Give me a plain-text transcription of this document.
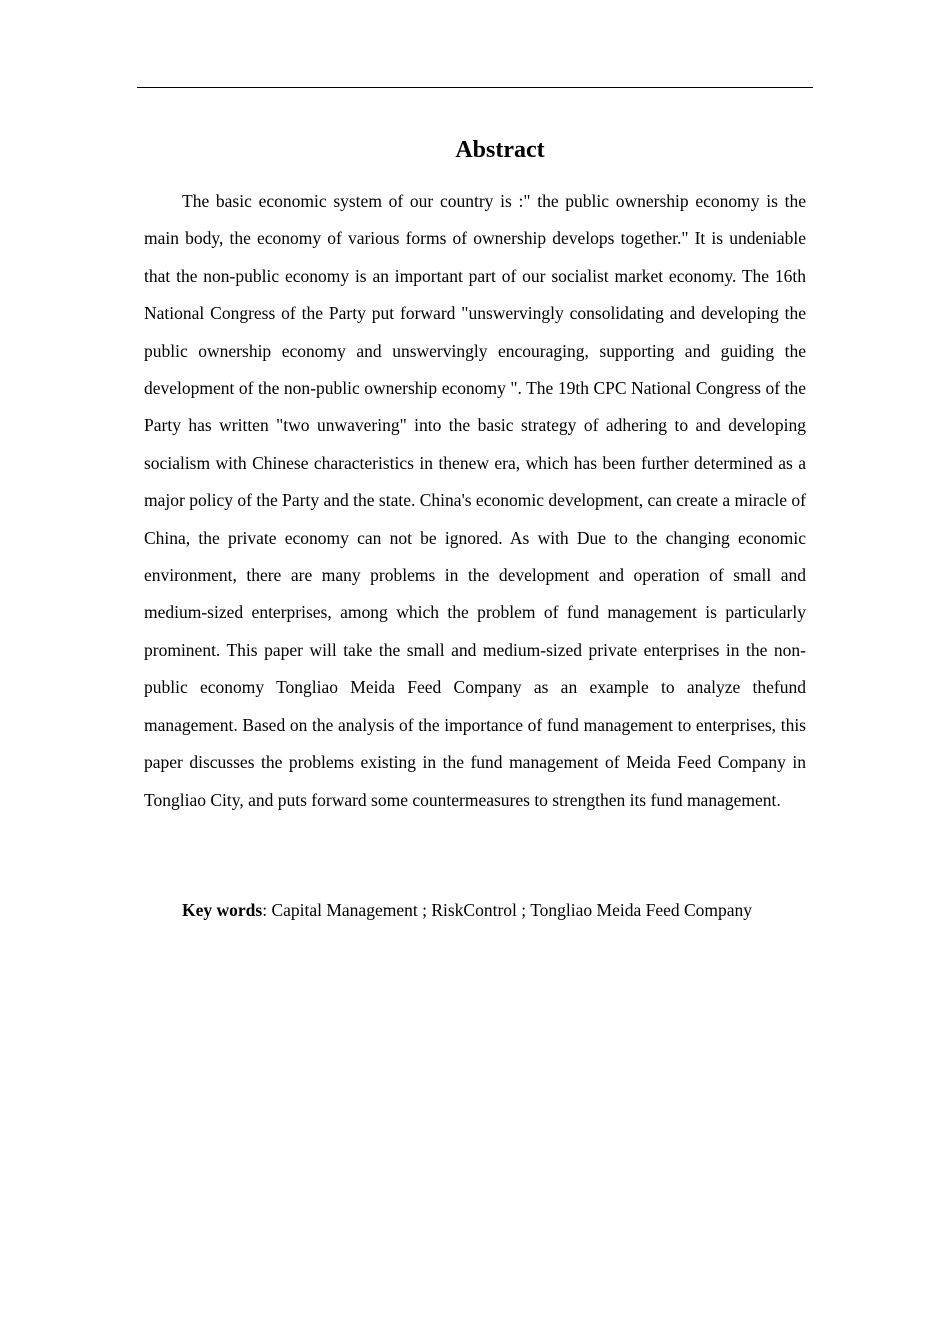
Abstract

The basic economic system of our country is :" the public ownership economy is the main body, the economy of various forms of ownership develops together." It is undeniable that the non-public economy is an important part of our socialist market economy. The 16th National Congress of the Party put forward "unswervingly consolidating and developing the public ownership economy and unswervingly encouraging, supporting and guiding the development of the non-public ownership economy ". The 19th CPC National Congress of the Party has written "two unwavering" into the basic strategy of adhering to and developing socialism with Chinese characteristics in thenew era, which has been further determined as a major policy of the Party and the state. China's economic development, can create a miracle of China, the private economy can not be ignored. As with Due to the changing economic environment, there are many problems in the development and operation of small and medium-sized enterprises, among which the problem of fund management is particularly prominent. This paper will take the small and medium-sized private enterprises in the non-public economy Tongliao Meida Feed Company as an example to analyze thefund management. Based on the analysis of the importance of fund management to enterprises, this paper discusses the problems existing in the fund management of Meida Feed Company in Tongliao City, and puts forward some countermeasures to strengthen its fund management.

Key words: Capital Management ; RiskControl ; Tongliao Meida Feed Company
